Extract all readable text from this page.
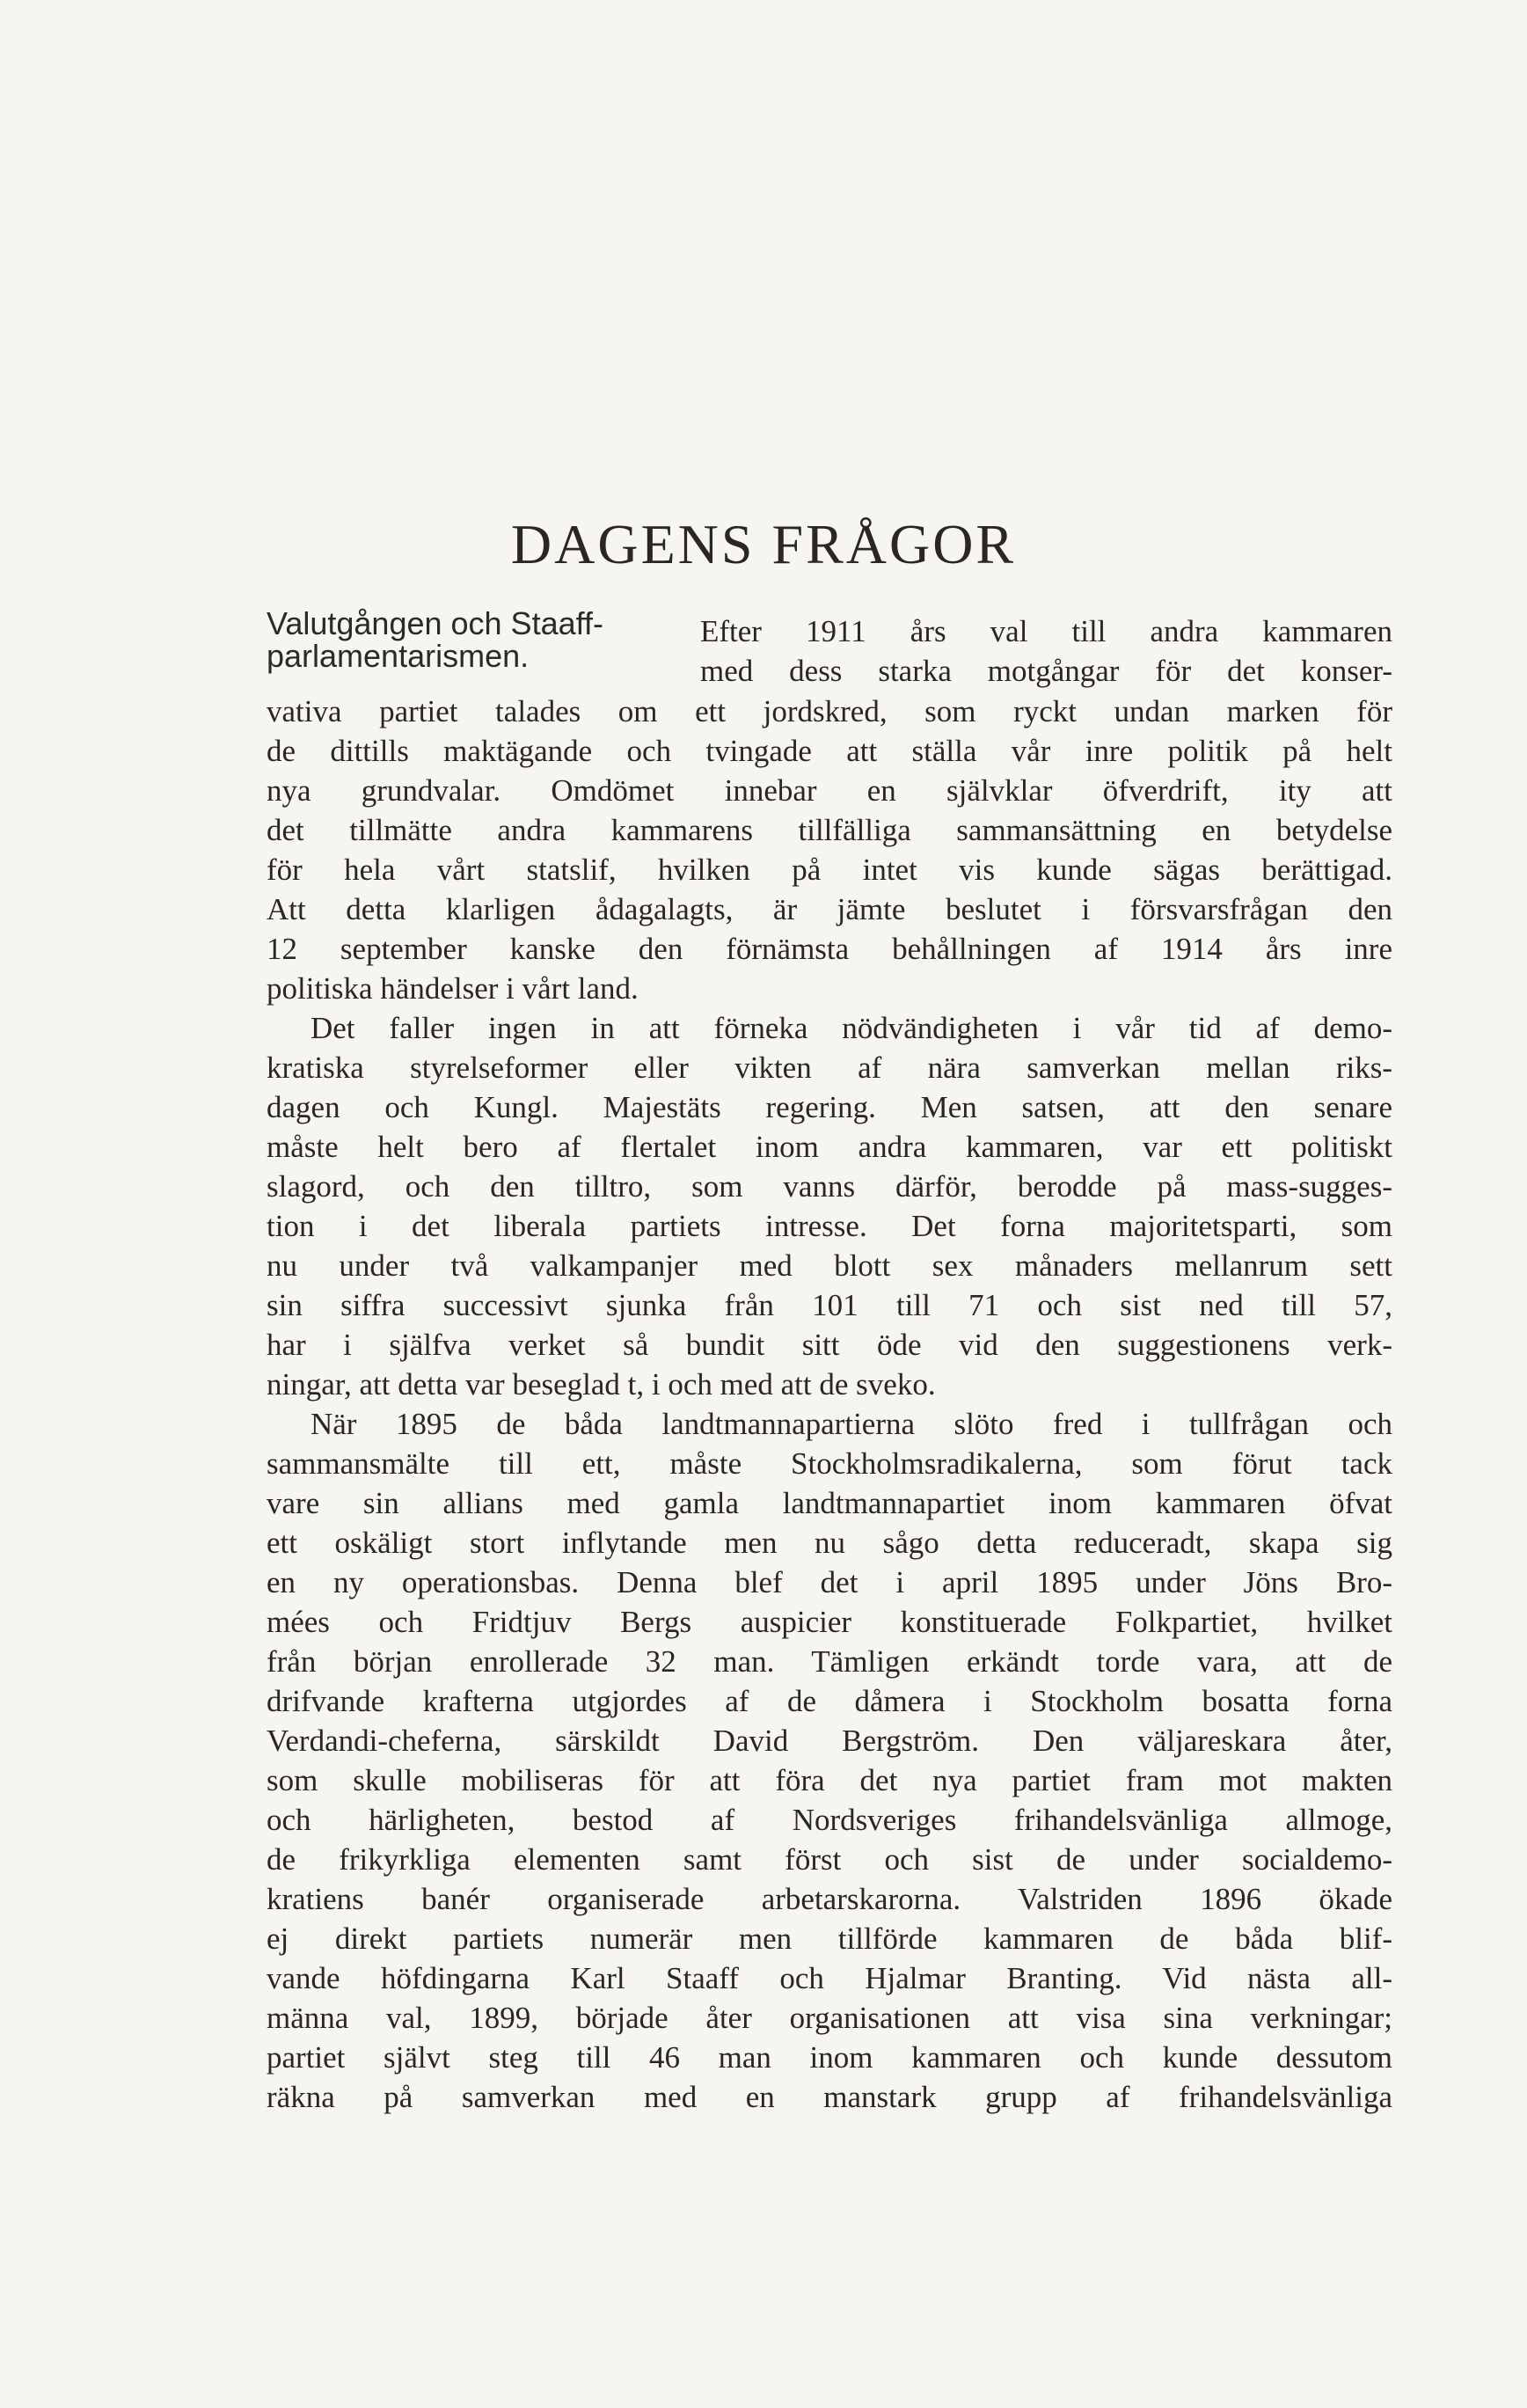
DAGENS FRÅGOR
Valutgången och Staaff-
parlamentarismen.
Efter 1911 års val till andra kammaren
med dess starka motgångar för det konser-
vativa partiet talades om ett jordskred, som ryckt undan marken för
de dittills maktägande och tvingade att ställa vår inre politik på helt
nya grundvalar. Omdömet innebar en självklar öfverdrift, ity att
det tillmätte andra kammarens tillfälliga sammansättning en betydelse
för hela vårt statslif, hvilken på intet vis kunde sägas berättigad.
Att detta klarligen ådagalagts, är jämte beslutet i försvarsfrågan den
12 september kanske den förnämsta behållningen af 1914 års inre
politiska händelser i vårt land.
Det faller ingen in att förneka nödvändigheten i vår tid af demo-
kratiska styrelseformer eller vikten af nära samverkan mellan riks-
dagen och Kungl. Majestäts regering. Men satsen, att den senare
måste helt bero af flertalet inom andra kammaren, var ett politiskt
slagord, och den tilltro, som vanns därför, berodde på mass-sugges-
tion i det liberala partiets intresse. Det forna majoritetsparti, som
nu under två valkampanjer med blott sex månaders mellanrum sett
sin siffra successivt sjunka från 101 till 71 och sist ned till 57,
har i själfva verket så bundit sitt öde vid den suggestionens verk-
ningar, att detta var beseglad t, i och med att de sveko.
När 1895 de båda landtmannapartierna slöto fred i tullfrågan och
sammansmälte till ett, måste Stockholmsradikalerna, som förut tack
vare sin allians med gamla landtmannapartiet inom kammaren öfvat
ett oskäligt stort inflytande men nu sågo detta reduceradt, skapa sig
en ny operationsbas. Denna blef det i april 1895 under Jöns Bro-
mées och Fridtjuv Bergs auspicier konstituerade Folkpartiet, hvilket
från början enrollerade 32 man. Tämligen erkändt torde vara, att de
drifvande krafterna utgjordes af de dåmera i Stockholm bosatta forna
Verdandi-cheferna, särskildt David Bergström. Den väljareskara åter,
som skulle mobiliseras för att föra det nya partiet fram mot makten
och härligheten, bestod af Nordsveriges frihandelsvänliga allmoge,
de frikyrkliga elementen samt först och sist de under socialdemo-
kratiens banér organiserade arbetarskarorna. Valstriden 1896 ökade
ej direkt partiets numerär men tillförde kammaren de båda blif-
vande höfdingarna Karl Staaff och Hjalmar Branting. Vid nästa all-
männa val, 1899, började åter organisationen att visa sina verkningar;
partiet självt steg till 46 man inom kammaren och kunde dessutom
räkna på samverkan med en manstark grupp af frihandelsvänliga
